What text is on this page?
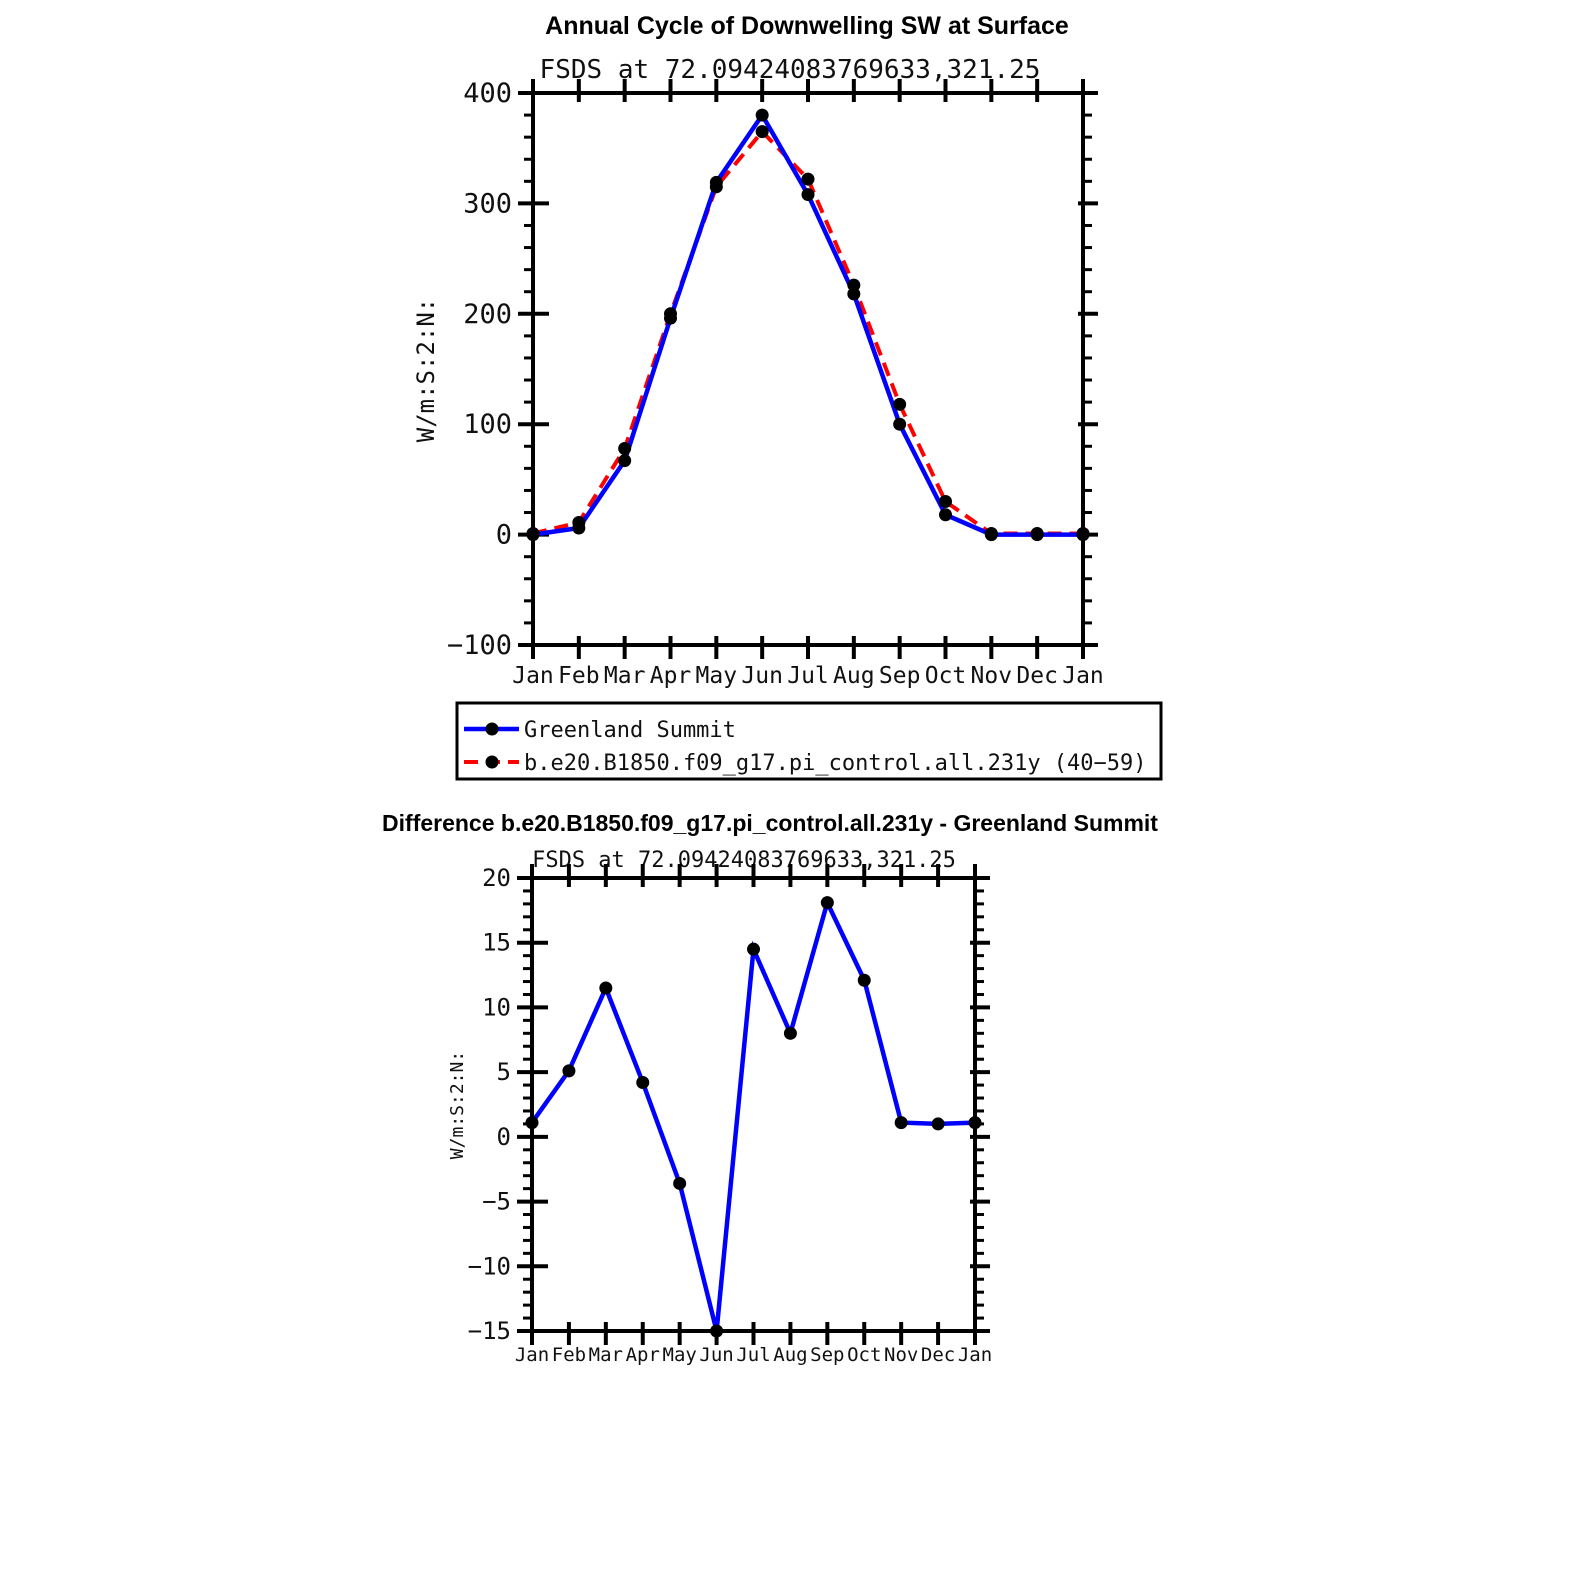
Annual Cycle of Downwelling SW at Surface
FSDS at 72.09424083769633,321.25
W/m:S:2:N:
−100
0
100
200
300
400
Jan Feb Mar Apr May Jun Jul Aug Sep Oct Nov Dec Jan
Greenland Summit
b.e20.B1850.f09_g17.pi_control.all.231y (40−59)
Difference b.e20.B1850.f09_g17.pi_control.all.231y - Greenland Summit
FSDS at 72.09424083769633,321.25
W/m:S:2:N:
−15
−10
−5
0
5
10
15
20
Jan Feb Mar Apr May Jun Jul Aug Sep Oct Nov Dec Jan
